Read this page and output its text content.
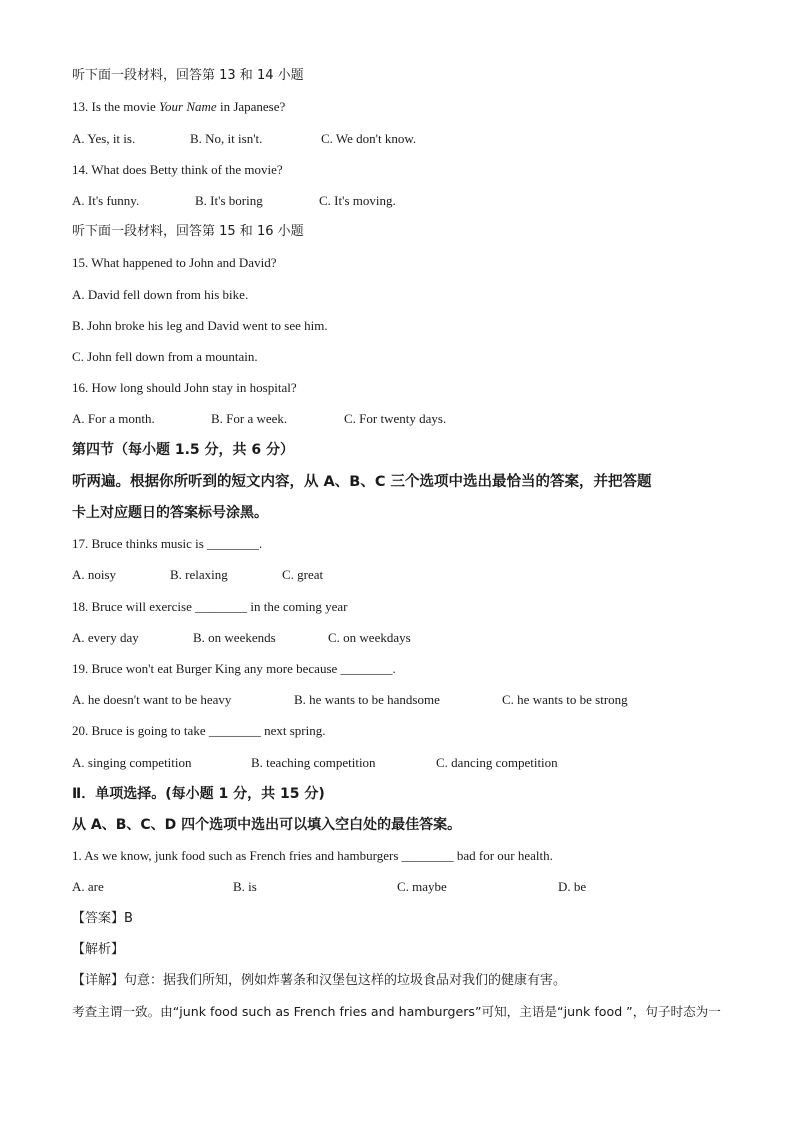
听下面一段材料，回答第 13 和 14 小题
13. Is the movie Your Name in Japanese?
A. Yes, it is.	B. No, it isn't.	C. We don't know.
14. What does Betty think of the movie?
A. It's funny.	B. It's boring	C. It's moving.
听下面一段材料，回答第 15 和 16 小题
15. What happened to John and David?
A. David fell down from his bike.
B. John broke his leg and David went to see him.
C. John fell down from a mountain.
16. How long should John stay in hospital?
A. For a month.	B. For a week.	C. For twenty days.
第四节（每小题 1.5 分，共 6 分）
听两遍。根据你所听到的短文内容，从 A、B、C 三个选项中选出最恰当的答案，并把答题
卡上对应题日的答案标号涂黑。
17. Bruce thinks music is ________.
A. noisy	B. relaxing	C. great
18. Bruce will exercise ________ in the coming year
A. every day	B. on weekends	C. on weekdays
19. Bruce won't eat Burger King any more because ________.
A. he doesn't want to be heavy	B. he wants to be handsome	C. he wants to be strong
20. Bruce is going to take ________ next spring.
A. singing competition	B. teaching competition	C. dancing competition
Ⅱ．单项选择。(每小题 1 分，共 15 分)
从 A、B、C、D 四个选项中选出可以填入空白处的最佳答案。
1. As we know, junk food such as French fries and hamburgers ________ bad for our health.
A. are	B. is	C. maybe	D. be
【答案】B
【解析】
【详解】句意：据我们所知，例如炸薯条和汉堡包这样的垃圾食品对我们的健康有害。
考查主谓一致。由“junk food such as French fries and hamburgers”可知，主语是“junk food ”，句子时态为一
